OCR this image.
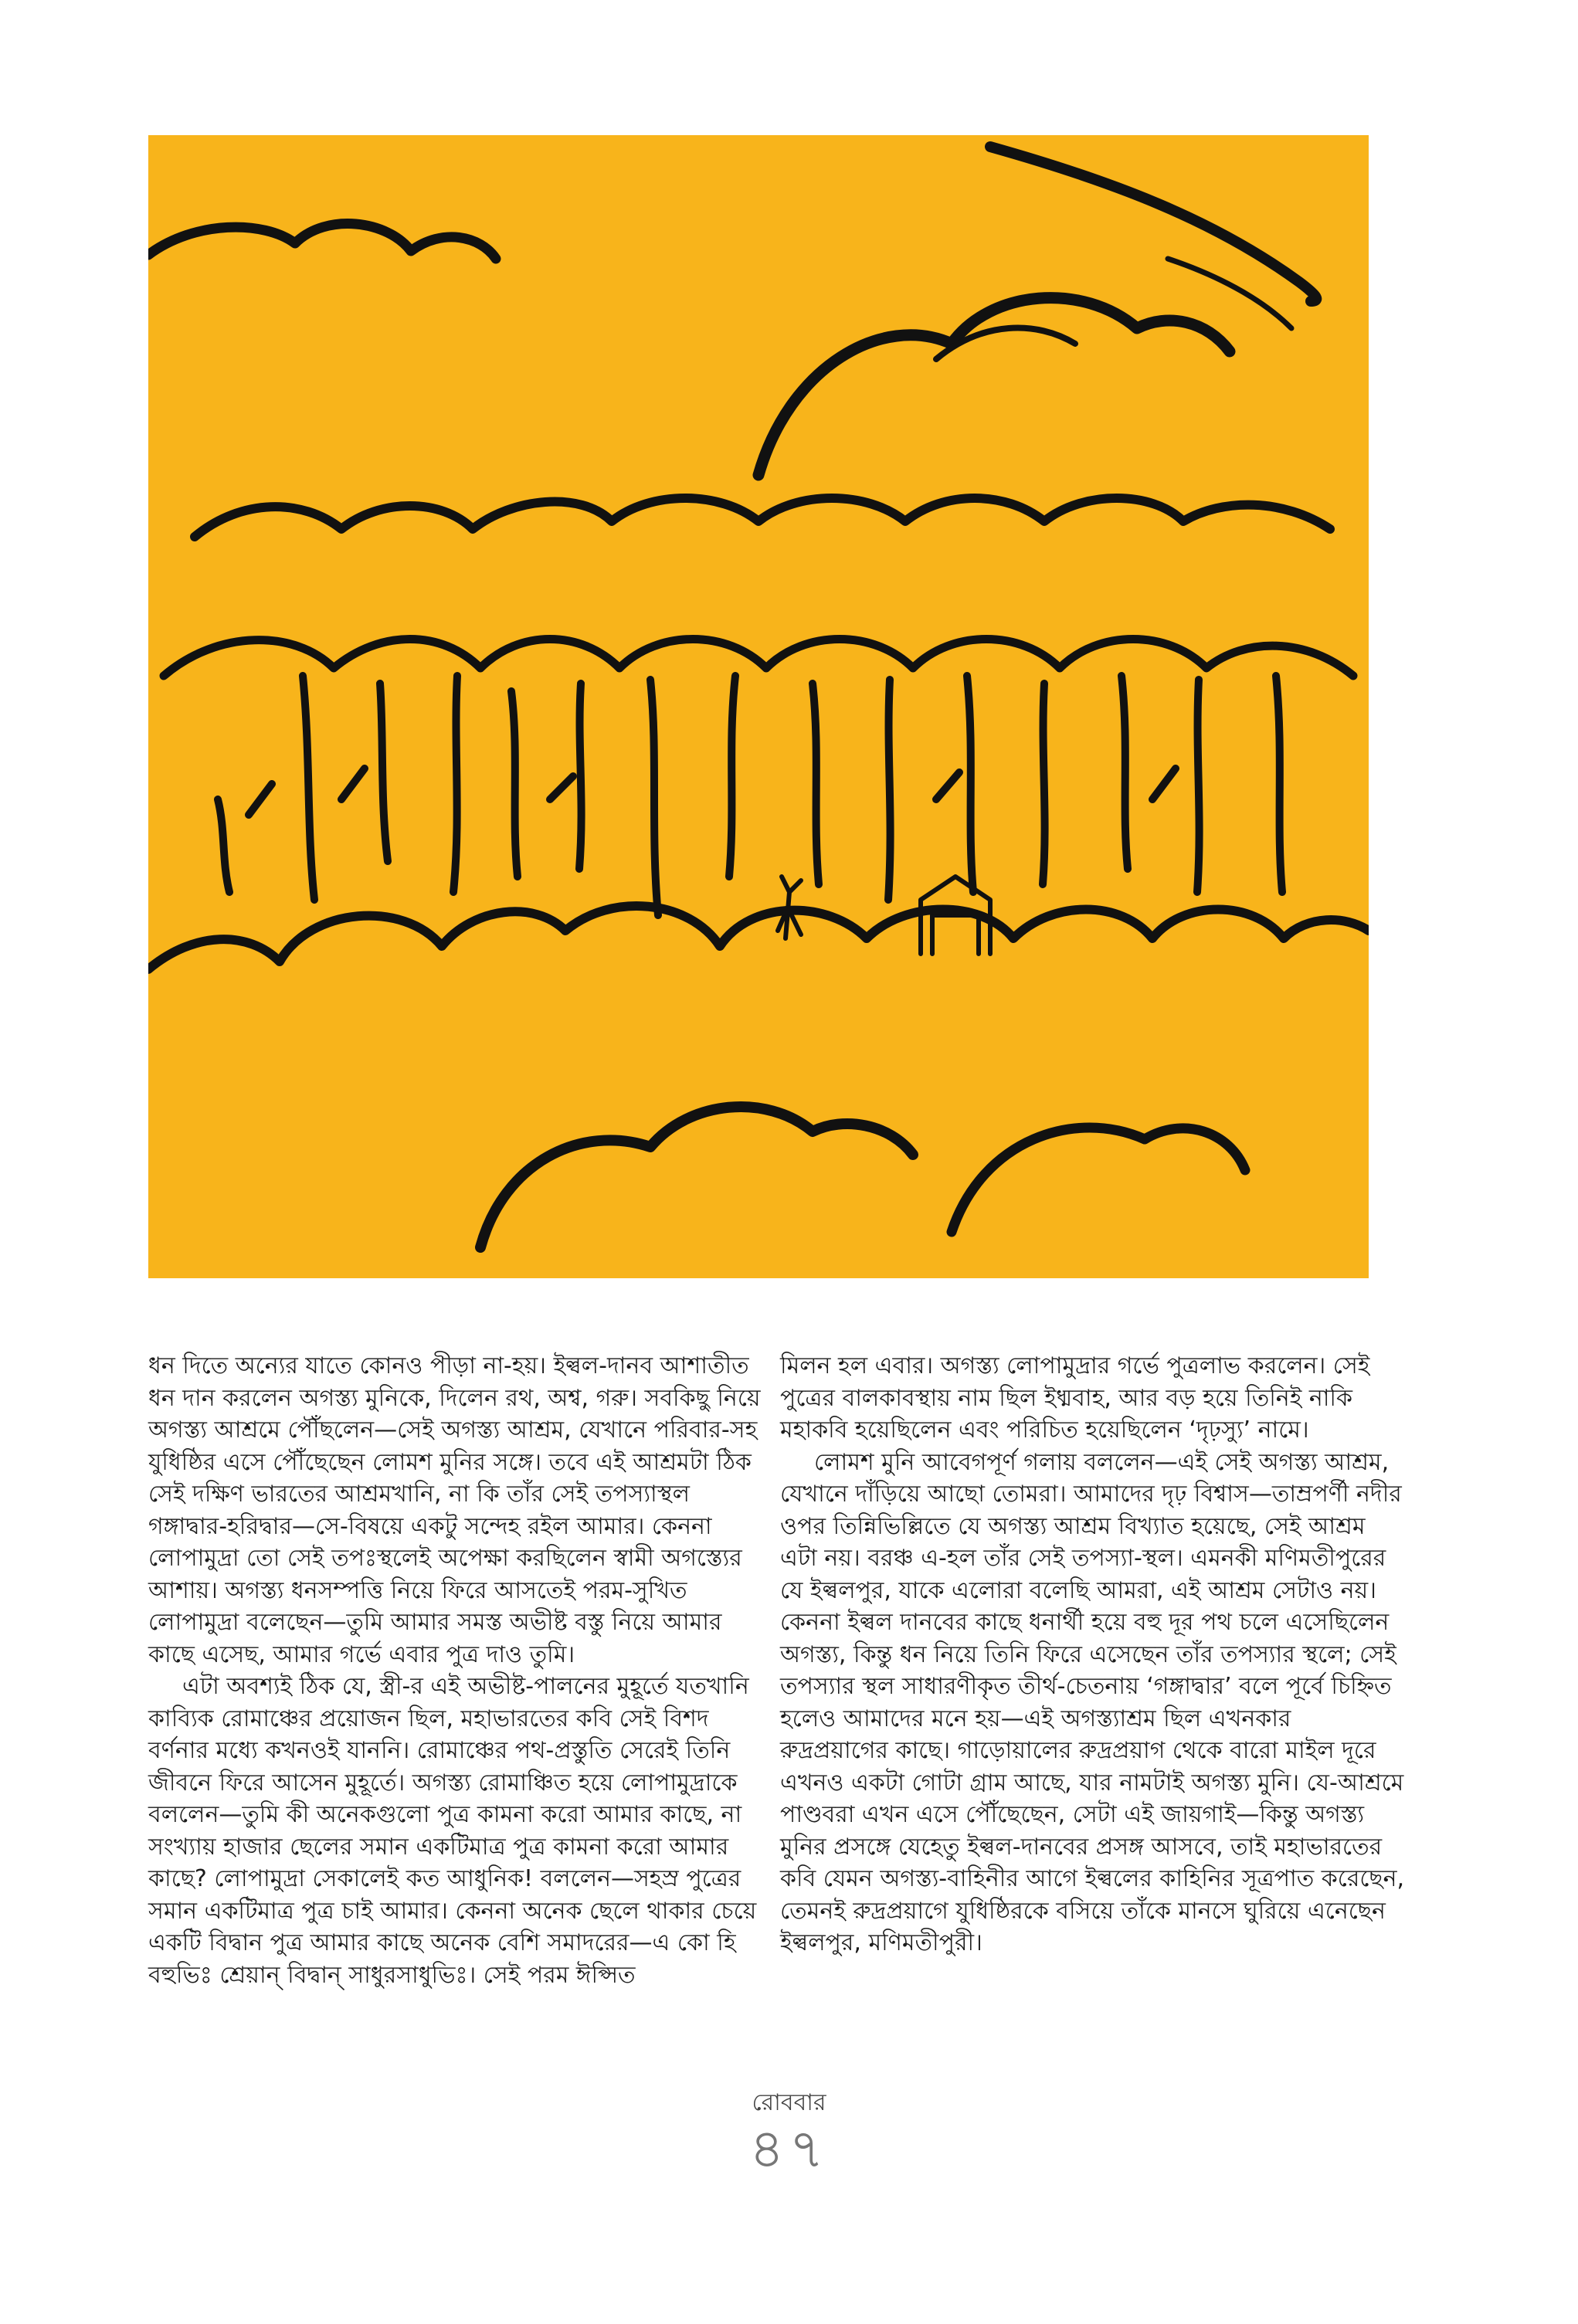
ধন দিতে অন্যের যাতে কোনও পীড়া না-হয়। ইল্বল-দানব আশাতীত ধন দান করলেন অগস্ত্য মুনিকে, দিলেন রথ, অশ্ব, গরু। সবকিছু নিয়ে অগস্ত্য আশ্রমে পৌঁছলেন—সেই অগস্ত্য আশ্রম, যেখানে পরিবার-সহ যুধিষ্ঠির এসে পৌঁছেছেন লোমশ মুনির সঙ্গে। তবে এই আশ্রমটা ঠিক সেই দক্ষিণ ভারতের আশ্রমখানি, না কি তাঁর সেই তপস্যাস্থল গঙ্গাদ্বার-হরিদ্বার—সে-বিষয়ে একটু সন্দেহ রইল আমার। কেননা লোপামুদ্রা তো সেই তপঃস্থলেই অপেক্ষা করছিলেন স্বামী অগস্ত্যের আশায়। অগস্ত্য ধনসম্পত্তি নিয়ে ফিরে আসতেই পরম-সুখিত লোপামুদ্রা বলেছেন—তুমি আমার সমস্ত অভীষ্ট বস্তু নিয়ে আমার কাছে এসেছ, আমার গর্ভে এবার পুত্র দাও তুমি।

এটা অবশ্যই ঠিক যে, স্ত্রী-র এই অভীষ্ট-পালনের মুহূর্তে যতখানি কাব্যিক রোমাঞ্চের প্রয়োজন ছিল, মহাভারতের কবি সেই বিশদ বর্ণনার মধ্যে কখনওই যাননি। রোমাঞ্চের পথ-প্রস্তুতি সেরেই তিনি জীবনে ফিরে আসেন মুহূর্তে। অগস্ত্য রোমাঞ্চিত হয়ে লোপামুদ্রাকে বললেন—তুমি কী অনেকগুলো পুত্র কামনা করো আমার কাছে, না সংখ্যায় হাজার ছেলের সমান একটিমাত্র পুত্র কামনা করো আমার কাছে? লোপামুদ্রা সেকালেই কত আধুনিক! বললেন—সহস্র পুত্রের সমান একটিমাত্র পুত্র চাই আমার। কেননা অনেক ছেলে থাকার চেয়ে একটি বিদ্বান পুত্র আমার কাছে অনেক বেশি সমাদরের—এ কো হি বহুভিঃ শ্রেয়ান্ বিদ্বান্ সাধুরসাধুভিঃ। সেই পরম ঈপ্সিত

মিলন হল এবার। অগস্ত্য লোপামুদ্রার গর্ভে পুত্রলাভ করলেন। সেই পুত্রের বালকাবস্থায় নাম ছিল ইধ্মবাহ, আর বড় হয়ে তিনিই নাকি মহাকবি হয়েছিলেন এবং পরিচিত হয়েছিলেন ‘দৃঢ়স্যু’ নামে।

লোমশ মুনি আবেগপূর্ণ গলায় বললেন—এই সেই অগস্ত্য আশ্রম, যেখানে দাঁড়িয়ে আছো তোমরা। আমাদের দৃঢ় বিশ্বাস—তাম্রপর্ণী নদীর ওপর তিন্নিভিল্লিতে যে অগস্ত্য আশ্রম বিখ্যাত হয়েছে, সেই আশ্রম এটা নয়। বরঞ্চ এ-হল তাঁর সেই তপস্যা-স্থল। এমনকী মণিমতীপুরের যে ইল্বলপুর, যাকে এলোরা বলেছি আমরা, এই আশ্রম সেটাও নয়। কেননা ইল্বল দানবের কাছে ধনার্থী হয়ে বহু দূর পথ চলে এসেছিলেন অগস্ত্য, কিন্তু ধন নিয়ে তিনি ফিরে এসেছেন তাঁর তপস্যার স্থলে; সেই তপস্যার স্থল সাধারণীকৃত তীর্থ-চেতনায় ‘গঙ্গাদ্বার’ বলে পূর্বে চিহ্নিত হলেও আমাদের মনে হয়—এই অগস্ত্যাশ্রম ছিল এখনকার রুদ্রপ্রয়াগের কাছে। গাড়োয়ালের রুদ্রপ্রয়াগ থেকে বারো মাইল দূরে এখনও একটা গোটা গ্রাম আছে, যার নামটাই অগস্ত্য মুনি। যে-আশ্রমে পাণ্ডবরা এখন এসে পৌঁছেছেন, সেটা এই জায়গাই—কিন্তু অগস্ত্য মুনির প্রসঙ্গে যেহেতু ইল্বল-দানবের প্রসঙ্গ আসবে, তাই মহাভারতের কবি যেমন অগস্ত্য-বাহিনীর আগে ইল্বলের কাহিনির সূত্রপাত করেছেন, তেমনই রুদ্রপ্রয়াগে যুধিষ্ঠিরকে বসিয়ে তাঁকে মানসে ঘুরিয়ে এনেছেন ইল্বলপুর, মণিমতীপুরী।

রোববার
৪৭
